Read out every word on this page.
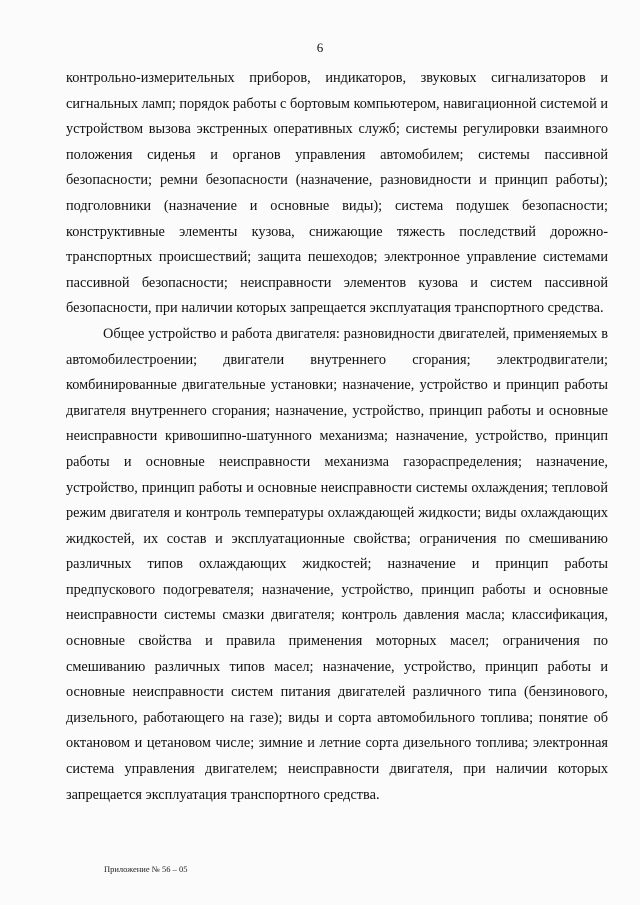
6

контрольно-измерительных приборов, индикаторов, звуковых сигнализаторов и сигнальных ламп; порядок работы с бортовым компьютером, навигационной системой и устройством вызова экстренных оперативных служб; системы регулировки взаимного положения сиденья и органов управления автомобилем; системы пассивной безопасности; ремни безопасности (назначение, разновидности и принцип работы); подголовники (назначение и основные виды); система подушек безопасности; конструктивные элементы кузова, снижающие тяжесть последствий дорожно-транспортных происшествий; защита пешеходов; электронное управление системами пассивной безопасности; неисправности элементов кузова и систем пассивной безопасности, при наличии которых запрещается эксплуатация транспортного средства.

Общее устройство и работа двигателя: разновидности двигателей, применяемых в автомобилестроении; двигатели внутреннего сгорания; электродвигатели; комбинированные двигательные установки; назначение, устройство и принцип работы двигателя внутреннего сгорания; назначение, устройство, принцип работы и основные неисправности кривошипно-шатунного механизма; назначение, устройство, принцип работы и основные неисправности механизма газораспределения; назначение, устройство, принцип работы и основные неисправности системы охлаждения; тепловой режим двигателя и контроль температуры охлаждающей жидкости; виды охлаждающих жидкостей, их состав и эксплуатационные свойства; ограничения по смешиванию различных типов охлаждающих жидкостей; назначение и принцип работы предпускового подогревателя; назначение, устройство, принцип работы и основные неисправности системы смазки двигателя; контроль давления масла; классификация, основные свойства и правила применения моторных масел; ограничения по смешиванию различных типов масел; назначение, устройство, принцип работы и основные неисправности систем питания двигателей различного типа (бензинового, дизельного, работающего на газе); виды и сорта автомобильного топлива; понятие об октановом и цетановом числе; зимние и летние сорта дизельного топлива; электронная система управления двигателем; неисправности двигателя, при наличии которых запрещается эксплуатация транспортного средства.

Приложение № 56 – 05
